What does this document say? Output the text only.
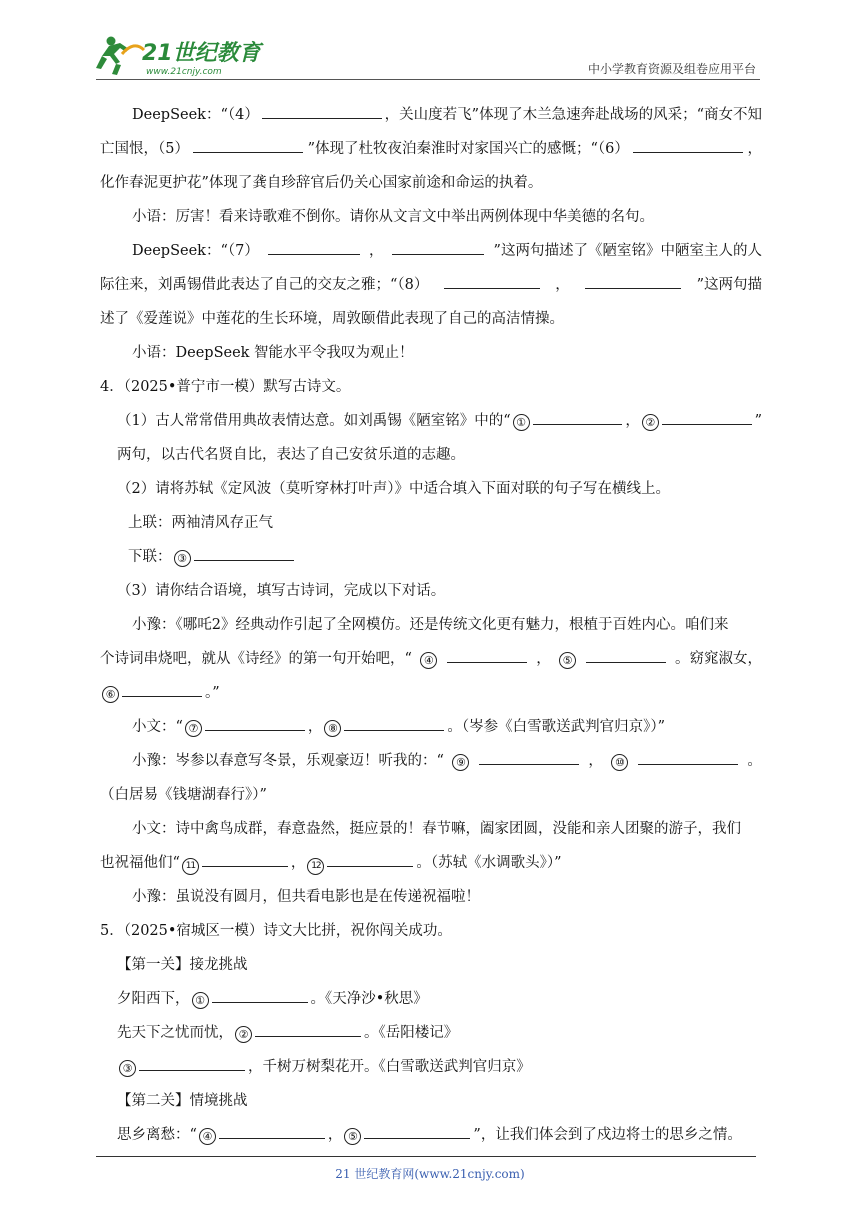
21世纪教育
www.21cnjy.com	中小学教育资源及组卷应用平台
DeepSeek：“（4）	，关山度若飞”体现了木兰急速奔赴战场的风采；“商女不知
亡国恨，（5）	”体现了杜牧夜泊秦淮时对家国兴亡的感慨；“（6）	，
化作春泥更护花”体现了龚自珍辞官后仍关心国家前途和命运的执着。
小语：厉害！看来诗歌难不倒你。请你从文言文中举出两例体现中华美德的名句。
DeepSeek：“（7）	，	”这两句描述了《陋室铭》中陋室主人的人
际往来，刘禹锡借此表达了自己的交友之雅；“（8）	，	”这两句描
述了《爱莲说》中莲花的生长环境，周敦颐借此表现了自己的高洁情操。
小语：DeepSeek 智能水平令我叹为观止！
4．（2025•普宁市一模）默写古诗文。
（1）古人常常借用典故表情达意。如刘禹锡《陋室铭》中的“ ①	， ②	”
两句，以古代名贤自比，表达了自己安贫乐道的志趣。
（2）请将苏轼《定风波（莫听穿林打叶声）》中适合填入下面对联的句子写在横线上。
上联：两袖清风存正气
下联： ③
（3）请你结合语境，填写古诗词，完成以下对话。
小豫：《哪吒2》经典动作引起了全网模仿。还是传统文化更有魅力，根植于百姓内心。咱们来
个诗词串烧吧，就从《诗经》的第一句开始吧，“	④	，	⑤	。窈窕淑女，
⑥	。”
小文：“ ⑦	， ⑧	。（岑参《白雪歌送武判官归京》）”
小豫：岑参以春意写冬景，乐观豪迈！听我的：“	⑨	，	⑩	。
（白居易《钱塘湖春行》）”
小文：诗中禽鸟成群，春意盎然，挺应景的！春节嘛，阖家团圆，没能和亲人团聚的游子，我们
也祝福他们“ 11	， 12	。（苏轼《水调歌头》）”
小豫：虽说没有圆月，但共看电影也是在传递祝福啦！
5．（2025•宿城区一模）诗文大比拼，祝你闯关成功。
【第一关】接龙挑战
夕阳西下， ①	。《天净沙•秋思》
先天下之忧而忧， ②	。《岳阳楼记》
③	，千树万树梨花开。《白雪歌送武判官归京》
【第二关】情境挑战
思乡离愁：“ ④	， ⑤	”，让我们体会到了戍边将士的思乡之情。
21 世纪教育网(www.21cnjy.com)
